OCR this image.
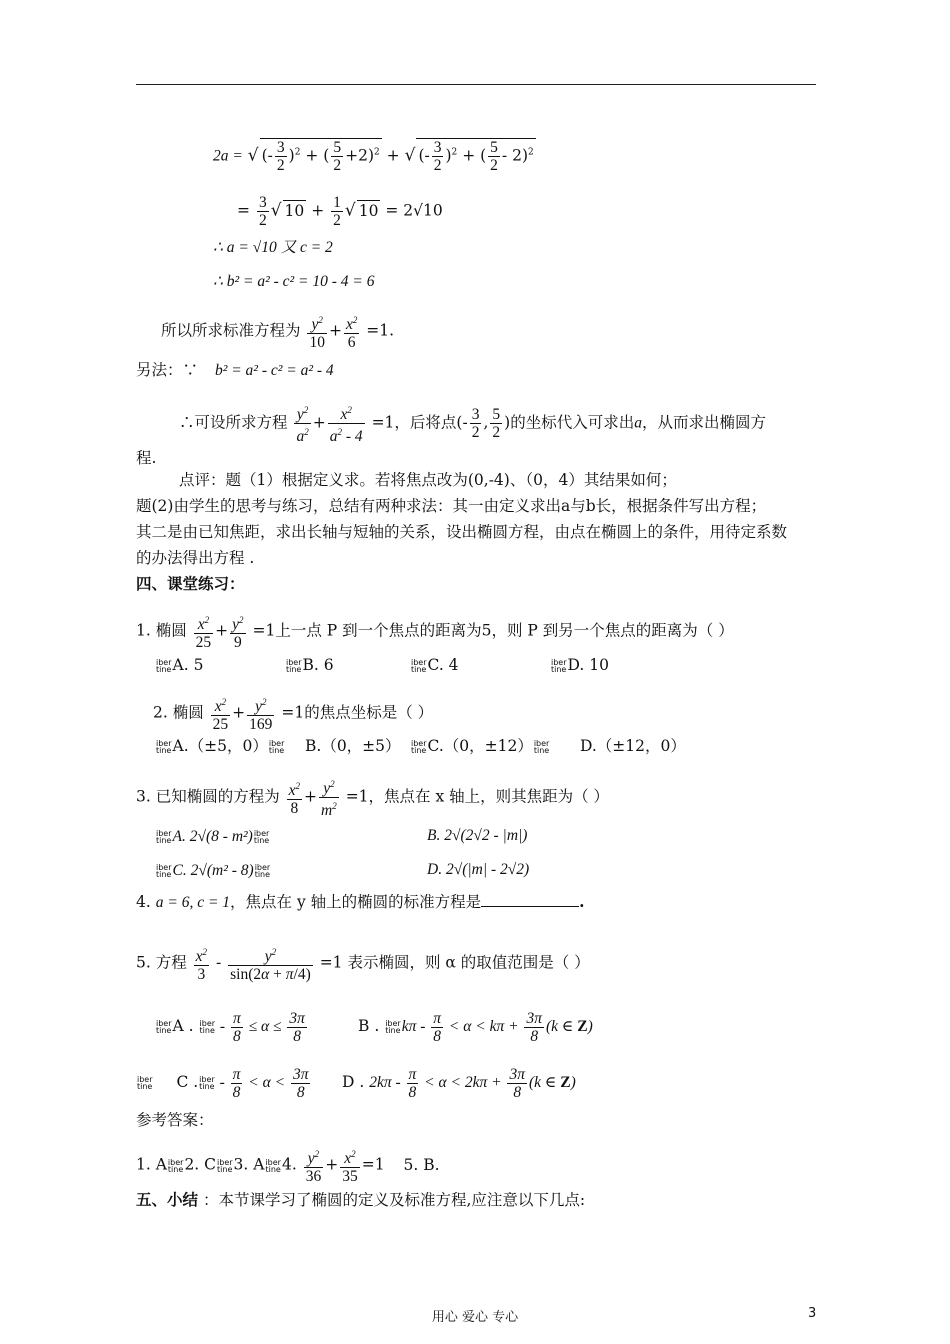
2a = √ (- $\frac{3}{2} )^2$ + ( $\frac{5}{2} +2)^2$ + √ (- $\frac{3}{2} )^2$ + ( $\frac{5}{2} - 2)^2$
= $\frac{3}{2}$ √ $10 + \frac{1}{2}$ √ 10 = 2√10
∴ a = √10 又 c = 2
∴ b² = a² - c² = 10 - 4 = 6
所以所求标准方程为 $\frac{y^2}{10} + \frac{x^2}{6} =1$.
另法：∵ b² = a² - c² = a² - 4
∴可设所求方程 $\frac{y^2}{a^2} + \frac{x^2}{a^2 - 4} =1$，后将点(- $\frac{3}{2}$ , $\frac{5}{2}$ )的坐标代入可求出a，从而求出椭圆方
程.
点评：题（1）根据定义求。若将焦点改为(0,-4)、（0，4）其结果如何；
题(2)由学生的思考与练习，总结有两种求法：其一由定义求出a与b长，根据条件写出方程；
其二是由已知焦距，求出长轴与短轴的关系，设出椭圆方程，由点在椭圆上的条件，用待定系数
的办法得出方程 .
四、课堂练习：
1. 椭圆 $\frac{x^2}{25} + \frac{y^2}{9} =1$上一点 P 到一个焦点的距离为5，则 P 到另一个焦点的距离为（ ）
iber
tineA. 5	iber
tineB. 6	iber
tineC. 4	iber
tineD. 10
2. 椭圆 $\frac{x^2}{25} + \frac{y^2}{169} =1$的焦点坐标是（ ）
iber
tineA.（±5，0）iber
tine B.（0，±5） iber
tineC.（0，±12）iber
tine D.（±12，0）
3. 已知椭圆的方程为 $\frac{x^2}{8} + \frac{y^2}{m^2} =1$，焦点在 x 轴上，则其焦距为（ ）
iber
tineA. 2√(8 - m²)iber
tine	B. 2√(2√2 - |m|)
iber
tineC. 2√(m² - 8)iber
tine	D. 2√(|m| - 2√2)
4. a = 6, c = 1，焦点在 y 轴上的椭圆的标准方程是	.
5. 方程 $\frac{x^2}{3} - \frac{y^2}{\sin(2\alpha + \pi/4)} =1$ 表示椭圆，则 α 的取值范围是（ ）
iber
tineA . iber
tine - $\frac{\pi}{8} \le \alpha \le \frac{3\pi}{8}$	B . iber
tinekπ - $\frac{\pi}{8} < \alpha < k\pi + \frac{3\pi}{8} (k$ ∈ Z)
iber
tine C .iber
tine - $\frac{\pi}{8} < \alpha < \frac{3\pi}{8}$ D . $2k\pi - \frac{\pi}{8} < \alpha < 2k\pi + \frac{3\pi}{8} (k$ ∈ Z)
参考答案：
1. Aiber
tine2. Ciber
tine3. Aiber
tine4. $\frac{y^2}{36} + \frac{x^2}{35} =1$ 5. B.
五、小结 ：本节课学习了椭圆的定义及标准方程,应注意以下几点:
用心 爱心 专心	3
